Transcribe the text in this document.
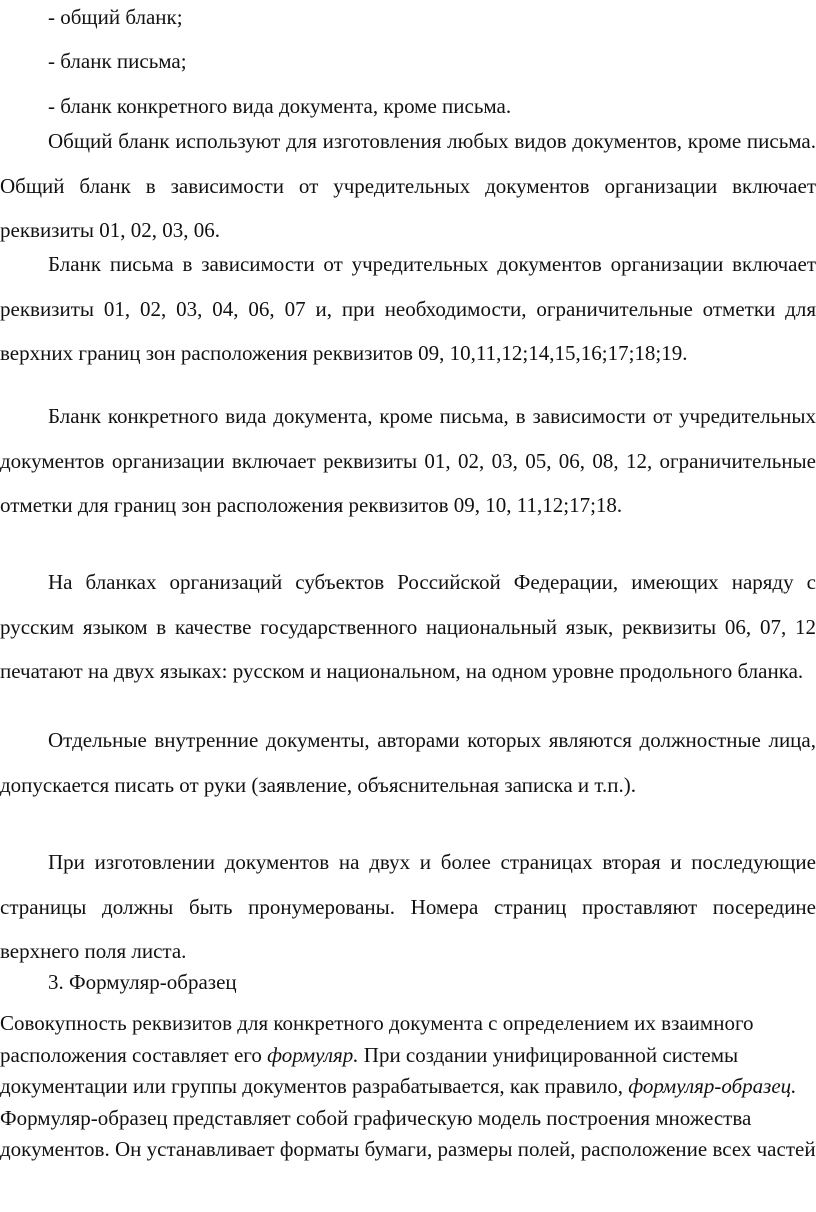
- общий бланк;

- бланк письма;

- бланк конкретного вида документа, кроме письма.

Общий бланк используют для изготовления любых видов документов, кроме письма. Общий бланк в зависимости от учредительных документов организации включает реквизиты 01, 02, 03, 06.

Бланк письма в зависимости от учредительных документов организации включает реквизиты 01, 02, 03, 04, 06, 07 и, при необходимости, ограничительные отметки для верхних границ зон расположения реквизитов 09, 10,11,12;14,15,16;17;18;19.

Бланк конкретного вида документа, кроме письма, в зависимости от учредительных документов организации включает реквизиты 01, 02, 03, 05, 06, 08, 12, ограничительные отметки для границ зон расположения реквизитов 09, 10, 11,12;17;18.

На бланках организаций субъектов Российской Федерации, имеющих наряду с русским языком в качестве государственного национальный язык, реквизиты 06, 07, 12 печатают на двух языках: русском и национальном, на одном уровне продольного бланка.

Отдельные внутренние документы, авторами которых являются должностные лица, допускается писать от руки (заявление, объяснительная записка и т.п.).

При изготовлении документов на двух и более страницах вторая и последующие страницы должны быть пронумерованы. Номера страниц проставляют посередине верхнего поля листа.

3. Формуляр-образец

Совокупность реквизитов для конкретного документа с определением их взаимного расположения составляет его формуляр. При создании унифицированной системы документации или группы документов разрабатывается, как правило, формуляр-образец. Формуляр-образец представляет собой графическую модель построения множества документов. Он устанавливает форматы бумаги, размеры полей, расположение всех частей
